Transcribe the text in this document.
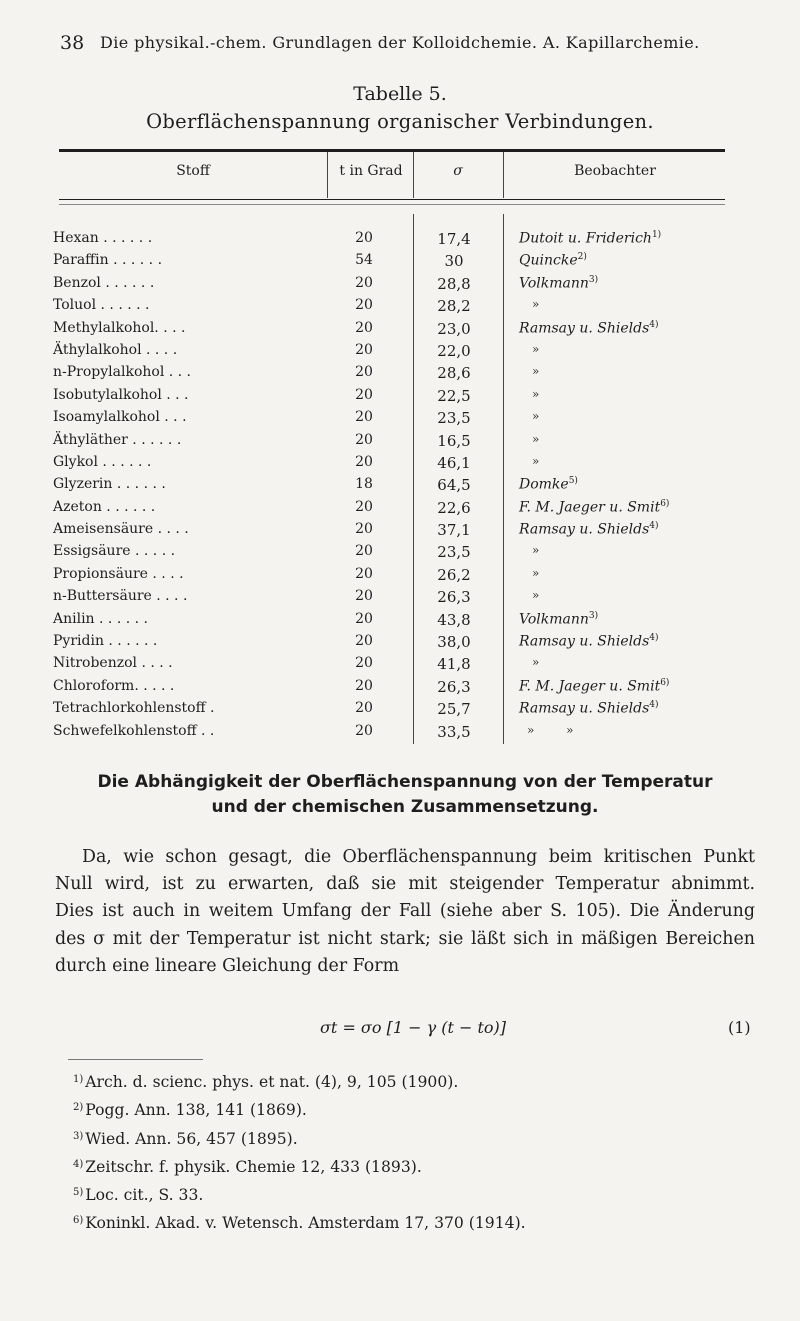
38 Die physikal.-chem. Grundlagen der Kolloidchemie. A. Kapillarchemie.
Tabelle 5.
Oberflächenspannung organischer Verbindungen.
Stoff	t in Grad	σ	Beobachter
Hexan . . . . . .	20	17,4	Dutoit u. Friderich$^{1)}$
Paraffin . . . . . .	54	30	Quincke$^{2)}$
Benzol . . . . . .	20	28,8	Volkmann$^{3)}$
Toluol . . . . . .	20	28,2	»
Methylalkohol. . . .	20	23,0	Ramsay u. Shields$^{4)}$
Äthylalkohol . . . .	20	22,0	»
n-Propylalkohol . . .	20	28,6	»
Isobutylalkohol . . .	20	22,5	»
Isoamylalkohol . . .	20	23,5	»
Äthyläther . . . . . .	20	16,5	»
Glykol . . . . . .	20	46,1	»
Glyzerin . . . . . .	18	64,5	Domke$^{5)}$
Azeton . . . . . .	20	22,6	F. M. Jaeger u. Smit$^{6)}$
Ameisensäure . . . .	20	37,1	Ramsay u. Shields$^{4)}$
Essigsäure . . . . .	20	23,5	»
Propionsäure . . . .	20	26,2	»
n-Buttersäure . . . .	20	26,3	»
Anilin . . . . . .	20	43,8	Volkmann$^{3)}$
Pyridin . . . . . .	20	38,0	Ramsay u. Shields$^{4)}$
Nitrobenzol . . . .	20	41,8	»
Chloroform. . . . .	20	26,3	F. M. Jaeger u. Smit$^{6)}$
Tetrachlorkohlenstoff .	20	25,7	Ramsay u. Shields$^{4)}$
Schwefelkohlenstoff . .	20	33,5	» »
Die Abhängigkeit der Oberflächenspannung von der Temperatur
und der chemischen Zusammensetzung.
Da, wie schon gesagt, die Oberflächenspannung beim kritischen Punkt
Null wird, ist zu erwarten, daß sie mit steigender Temperatur abnimmt.
Dies ist auch in weitem Umfang der Fall (siehe aber S. 105). Die Änderung
des σ mit der Temperatur ist nicht stark; sie läßt sich in mäßigen Bereichen
durch eine lineare Gleichung der Form
σt = σo [1 − γ (t − to)]	(1)
$^{1)}$ Arch. d. scienc. phys. et nat. (4), 9, 105 (1900).
$^{2)}$ Pogg. Ann. 138, 141 (1869).
$^{3)}$ Wied. Ann. 56, 457 (1895).
$^{4)}$ Zeitschr. f. physik. Chemie 12, 433 (1893).
$^{5)}$ Loc. cit., S. 33.
$^{6)}$ Koninkl. Akad. v. Wetensch. Amsterdam 17, 370 (1914).
